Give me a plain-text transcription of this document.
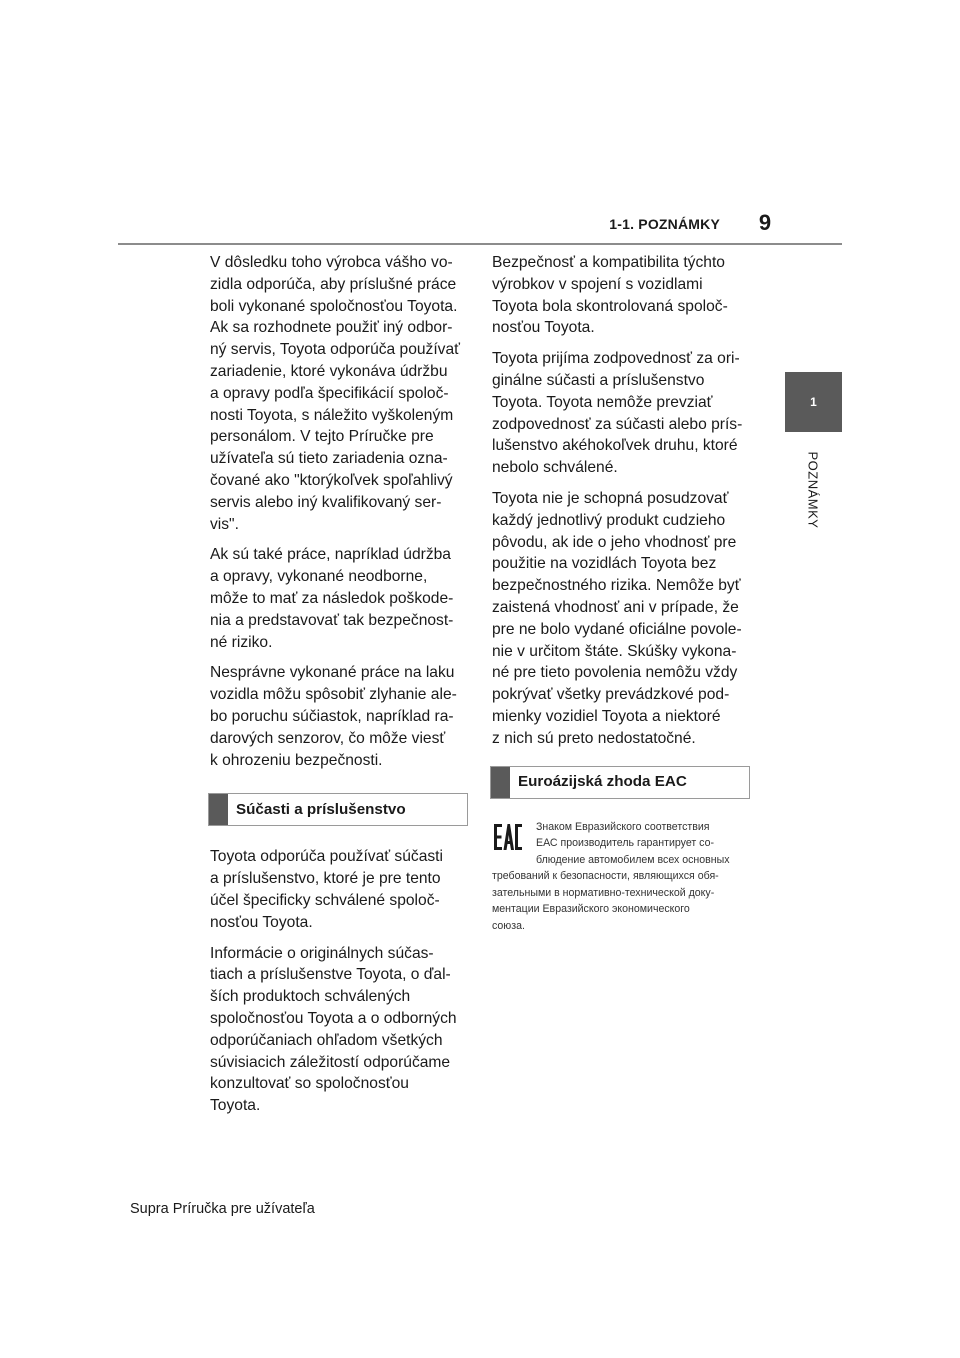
1-1. POZNÁMKY	9
1
POZNÁMKY

V dôsledku toho výrobca vášho vo-
zidla odporúča, aby príslušné práce
boli vykonané spoločnosťou Toyota.
Ak sa rozhodnete použiť iný odbor-
ný servis, Toyota odporúča používať
zariadenie, ktoré vykonáva údržbu
a opravy podľa špecifikácií spoloč-
nosti Toyota, s náležito vyškoleným
personálom. V tejto Príručke pre
užívateľa sú tieto zariadenia ozna-
čované ako "ktorýkoľvek spoľahlivý
servis alebo iný kvalifikovaný ser-
vis".

Ak sú také práce, napríklad údržba
a opravy, vykonané neodborne,
môže to mať za následok poškode-
nia a predstavovať tak bezpečnost-
né riziko.

Nesprávne vykonané práce na laku
vozidla môžu spôsobiť zlyhanie ale-
bo poruchu súčiastok, napríklad ra-
darových senzorov, čo môže viesť
k ohrozeniu bezpečnosti.

Súčasti a príslušenstvo

Toyota odporúča používať súčasti
a príslušenstvo, ktoré je pre tento
účel špecificky schválené spoloč-
nosťou Toyota.

Informácie o originálnych súčas-
tiach a príslušenstve Toyota, o ďal-
ších produktoch schválených
spoločnosťou Toyota a o odborných
odporúčaniach ohľadom všetkých
súvisiacich záležitostí odporúčame
konzultovať so spoločnosťou
Toyota.

Bezpečnosť a kompatibilita týchto
výrobkov v spojení s vozidlami
Toyota bola skontrolovaná spoloč-
nosťou Toyota.

Toyota prijíma zodpovednosť za ori-
ginálne súčasti a príslušenstvo
Toyota. Toyota nemôže prevziať
zodpovednosť za súčasti alebo prís-
lušenstvo akéhokoľvek druhu, ktoré
nebolo schválené.

Toyota nie je schopná posudzovať
každý jednotlivý produkt cudzieho
pôvodu, ak ide o jeho vhodnosť pre
použitie na vozidlách Toyota bez
bezpečnostného rizika. Nemôže byť
zaistená vhodnosť ani v prípade, že
pre ne bolo vydané oficiálne povole-
nie v určitom štáte. Skúšky vykona-
né pre tieto povolenia nemôžu vždy
pokrývať všetky prevádzkové pod-
mienky vozidiel Toyota a niektoré
z nich sú preto nedostatočné.

Euroázijská zhoda EAC
Знаком Евразийского соответствия
ЕАС производитель гарантирует со-
блюдение автомобилем всех основных
требований к безопасности, являющихся обя-
зательными в нормативно-технической доку-
ментации Евразийского экономического
союза.
Supra Príručka pre užívateľa
